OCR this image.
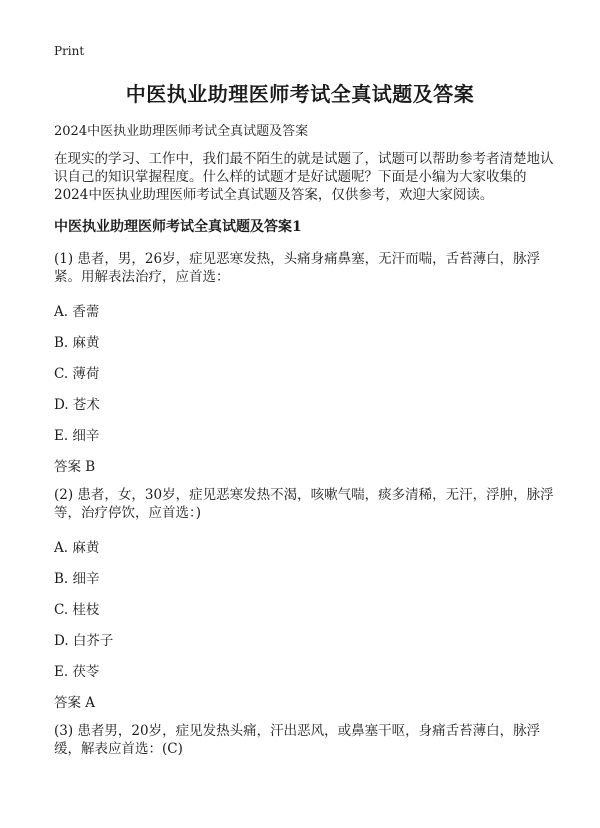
Print
中医执业助理医师考试全真试题及答案
2024中医执业助理医师考试全真试题及答案
在现实的学习、工作中，我们最不陌生的就是试题了，试题可以帮助参考者清楚地认识自己的知识掌握程度。什么样的试题才是好试题呢？下面是小编为大家收集的2024中医执业助理医师考试全真试题及答案，仅供参考，欢迎大家阅读。
中医执业助理医师考试全真试题及答案1
(1) 患者，男，26岁，症见恶寒发热，头痛身痛鼻塞，无汗而喘，舌苔薄白，脉浮紧。用解表法治疗，应首选：
A. 香薷
B. 麻黄
C. 薄荷
D. 苍术
E. 细辛
答案 B
(2) 患者，女，30岁，症见恶寒发热不渴，咳嗽气喘，痰多清稀，无汗，浮肿，脉浮等，治疗停饮，应首选：)
A. 麻黄
B. 细辛
C. 桂枝
D. 白芥子
E. 茯苓
答案 A
(3) 患者男，20岁，症见发热头痛，汗出恶风，或鼻塞干呕，身痛舌苔薄白，脉浮缓，解表应首选：(C)
